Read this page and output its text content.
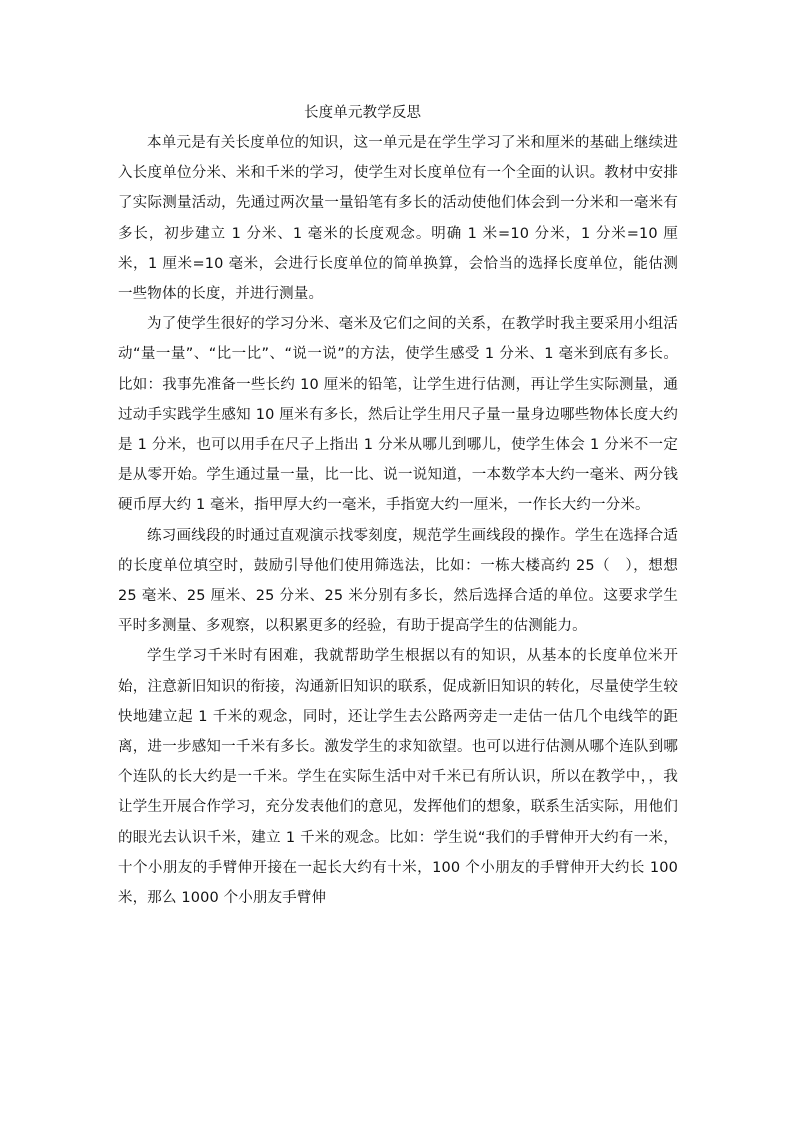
长度单元教学反思

本单元是有关长度单位的知识，这一单元是在学生学习了米和厘米的基础上继续进入长度单位分米、米和千米的学习，使学生对长度单位有一个全面的认识。教材中安排了实际测量活动，先通过两次量一量铅笔有多长的活动使他们体会到一分米和一毫米有多长，初步建立 1 分米、1 毫米的长度观念。明确 1 米=10 分米，1 分米=10 厘米，1 厘米=10 毫米，会进行长度单位的简单换算，会恰当的选择长度单位，能估测一些物体的长度，并进行测量。

为了使学生很好的学习分米、毫米及它们之间的关系，在教学时我主要采用小组活动“量一量”、“比一比”、“说一说”的方法，使学生感受 1 分米、1 毫米到底有多长。比如：我事先准备一些长约 10 厘米的铅笔，让学生进行估测，再让学生实际测量，通过动手实践学生感知 10 厘米有多长，然后让学生用尺子量一量身边哪些物体长度大约是 1 分米，也可以用手在尺子上指出 1 分米从哪儿到哪儿，使学生体会 1 分米不一定是从零开始。学生通过量一量，比一比、说一说知道，一本数学本大约一毫米、两分钱硬币厚大约 1 毫米，指甲厚大约一毫米，手指宽大约一厘米，一作长大约一分米。

练习画线段的时通过直观演示找零刻度，规范学生画线段的操作。学生在选择合适的长度单位填空时，鼓励引导他们使用筛选法，比如：一栋大楼高约 25（　），想想 25 毫米、25 厘米、25 分米、25 米分别有多长，然后选择合适的单位。这要求学生平时多测量、多观察，以积累更多的经验，有助于提高学生的估测能力。

学生学习千米时有困难，我就帮助学生根据以有的知识，从基本的长度单位米开始，注意新旧知识的衔接，沟通新旧知识的联系，促成新旧知识的转化，尽量使学生较快地建立起 1 千米的观念，同时，还让学生去公路两旁走一走估一估几个电线竿的距离，进一步感知一千米有多长。激发学生的求知欲望。也可以进行估测从哪个连队到哪个连队的长大约是一千米。学生在实际生活中对千米已有所认识，所以在教学中，，我让学生开展合作学习，充分发表他们的意见，发挥他们的想象，联系生活实际，用他们的眼光去认识千米，建立 1 千米的观念。比如：学生说“我们的手臂伸开大约有一米，十个小朋友的手臂伸开接在一起长大约有十米，100 个小朋友的手臂伸开大约长 100 米，那么 1000 个小朋友手臂伸
